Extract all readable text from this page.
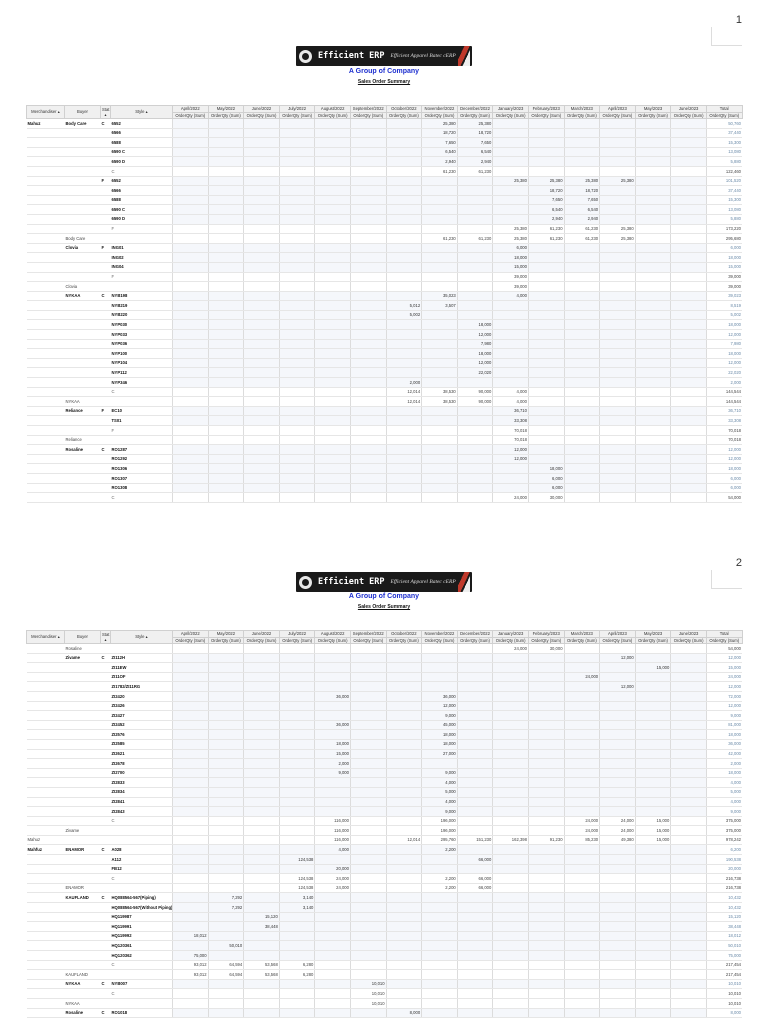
1
Efficient ERP Efficient Apparel Batec cERP
A Group of Company
Sales Order Summary
Merchandiser ▴	Buyer	Stat ▴	Style ▴	April/2022	May/2022	June/2022	July/2022	August/2022	September/2022	October/2022	November/2022	December/2022	January/2023	February/2023	March/2023	April/2023	May/2023	June/2023	Total
				OrderQty (Sum)	OrderQty (Sum)	OrderQty (Sum)	OrderQty (Sum)	OrderQty (Sum)	OrderQty (Sum)	OrderQty (Sum)	OrderQty (Sum)	OrderQty (Sum)	OrderQty (Sum)	OrderQty (Sum)	OrderQty (Sum)	OrderQty (Sum)	OrderQty (Sum)	OrderQty (Sum)	OrderQty (Sum)
Mahuz	Body Care	C	6552								25,380	25,380							50,760
			6566								18,720	18,720							37,440
			6588								7,650	7,650							15,300
			6590 C								6,540	6,540							13,080
			6590 D								2,940	2,940							5,880
			C								61,230	61,230							122,460
		F	6552										25,380	25,380	25,380	25,380			101,520
			6566											18,720	18,720				37,440
			6588											7,650	7,650				15,300
			6590 C											6,540	6,540				13,080
			6590 D											2,940	2,940				5,880
			F										25,380	61,230	61,230	25,380			173,220
	Body Care										61,230	61,230	25,380	61,230	61,230	25,380			295,680
	Clovia	F	ING01										6,000						6,000
			ING02										18,000						18,000
			ING04										15,000						15,000
			F										39,000						39,000
	Clovia												39,000						39,000
	NYKAA	C	NYB198								35,023		4,000						39,023
			NYB219							5,012	3,507								8,519
			NYB220							5,002									5,002
			NYP030									18,000							18,000
			NYP033									12,000							12,000
			NYP036									7,980							7,980
			NYP100									18,000							18,000
			NYP104									12,000							12,000
			NYP112									22,020							22,020
			NYP346							2,000									2,000
			C							12,014	38,530	90,000	4,000						144,544
	NYKAA									12,014	38,530	90,000	4,000						144,544
	Reliance	F	EC10										36,710						36,710
			TS01										33,308						33,308
			F										70,018						70,018
	Reliance												70,018						70,018
	Rosaline	C	RO1287										12,000						12,000
			RO1292										12,000						12,000
			RO1306											18,000					18,000
			RO1307											6,000					6,000
			RO1308											6,000					6,000
			C										24,000	30,000					54,000
2
Efficient ERP Efficient Apparel Batec cERP
A Group of Company
Sales Order Summary
Merchandiser ▴	Buyer	Stat ▴	Style ▴	April/2022	May/2022	June/2022	July/2022	August/2022	September/2022	October/2022	November/2022	December/2022	January/2023	February/2023	March/2023	April/2023	May/2023	June/2023	Total
				OrderQty (Sum)	OrderQty (Sum)	OrderQty (Sum)	OrderQty (Sum)	OrderQty (Sum)	OrderQty (Sum)	OrderQty (Sum)	OrderQty (Sum)	OrderQty (Sum)	OrderQty (Sum)	OrderQty (Sum)	OrderQty (Sum)	OrderQty (Sum)	OrderQty (Sum)	OrderQty (Sum)	OrderQty (Sum)
	Rosaline												24,000	30,000					54,000
	Zivame	C	ZI112H													12,000			12,000
			ZI11EW														15,000		15,000
			ZI11OF												24,000				24,000
			ZI1782/ZI11RG													12,000			12,000
			ZI2420					36,000			36,000								72,000
			ZI2426								12,000								12,000
			ZI2427								9,000								9,000
			ZI2452					36,000			45,000								81,000
			ZI2576								18,000								18,000
			ZI2585					18,000			18,000								36,000
			ZI2621					15,000			27,000								42,000
			ZI2678					2,000											2,000
			ZI2700					9,000			9,000								18,000
			ZI2833								4,000								4,000
			ZI2834								5,000								5,000
			ZI2841								4,000								4,000
			ZI2843								9,000								9,000
			C					116,000			196,000				24,000	24,000	15,000		375,000
	Zivame							116,000			196,000				24,000	24,000	15,000		375,000
Mahuz								116,000		12,014	295,760	151,230	162,398	91,230	85,230	49,380	15,000		978,242
Mahfuz	ENAMOR	C	A028					4,000			2,200								6,200
			A112				124,538					66,000							190,538
			FB12					20,000											20,000
			C				124,538	24,000			2,200	66,000							216,738
	ENAMOR						124,538	24,000			2,200	66,000							216,738
	KAUFLAND	C	HQ088564-567(Piping)		7,292		3,140												10,432
			HQ088564-567(Without Piping)		7,292		3,140												10,432
			HQ119987			15,120													15,120
			HQ119991			38,448													38,448
			HQ119992	18,012															18,012
			HQ120361		50,010														50,010
			HQ120362	75,000															75,000
			C	93,012	64,594	53,568	6,280												217,454
	KAUFLAND			93,012	64,594	53,568	6,280												217,454
	NYKAA	C	NYB007						10,010										10,010
			C						10,010										10,010
	NYKAA								10,010										10,010
	Rosaline	C	RO1018							8,000									8,000
